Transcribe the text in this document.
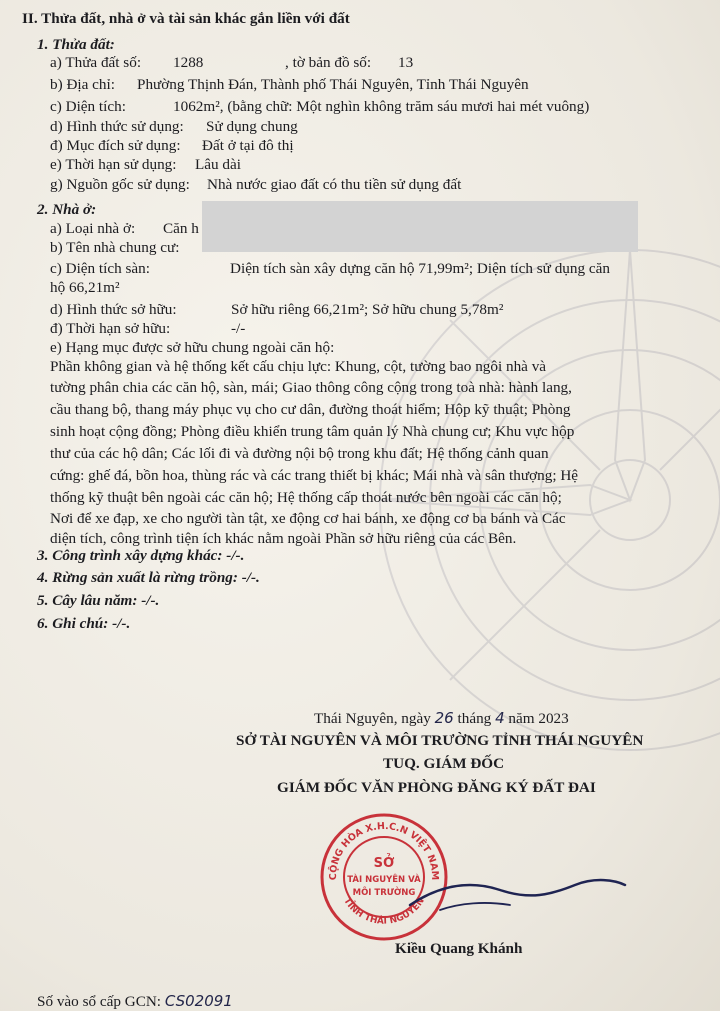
II. Thửa đất, nhà ở và tài sản khác gắn liền với đất
1. Thửa đất:
a) Thửa đất số: 1288	, tờ bản đồ số: 13
b) Địa chỉ: Phường Thịnh Đán, Thành phố Thái Nguyên, Tỉnh Thái Nguyên
c) Diện tích:	1062m², (bằng chữ: Một nghìn không trăm sáu mươi hai mét vuông)
d) Hình thức sử dụng: Sử dụng chung
đ) Mục đích sử dụng: Đất ở tại đô thị
e) Thời hạn sử dụng: Lâu dài
g) Nguồn gốc sử dụng: Nhà nước giao đất có thu tiền sử dụng đất
2. Nhà ở:
a) Loại nhà ở: Căn h
b) Tên nhà chung cư:
c) Diện tích sàn:	Diện tích sàn xây dựng căn hộ 71,99m²; Diện tích sử dụng căn
hộ 66,21m²
d) Hình thức sở hữu:	Sở hữu riêng 66,21m²; Sở hữu chung 5,78m²
đ) Thời hạn sở hữu:	-/-
e) Hạng mục được sở hữu chung ngoài căn hộ:
Phần không gian và hệ thống kết cấu chịu lực: Khung, cột, tường bao ngôi nhà và
tường phân chia các căn hộ, sàn, mái; Giao thông công cộng trong toà nhà: hành lang,
cầu thang bộ, thang máy phục vụ cho cư dân, đường thoát hiểm; Hộp kỹ thuật; Phòng
sinh hoạt cộng đồng; Phòng điều khiển trung tâm quản lý Nhà chung cư; Khu vực hộp
thư của các hộ dân; Các lối đi và đường nội bộ trong khu đất; Hệ thống cảnh quan
cứng: ghế đá, bồn hoa, thùng rác và các trang thiết bị khác; Mái nhà và sân thượng; Hệ
thống kỹ thuật bên ngoài các căn hộ; Hệ thống cấp thoát nước bên ngoài các căn hộ;
Nơi để xe đạp, xe cho người tàn tật, xe động cơ hai bánh, xe động cơ ba bánh và Các
diện tích, công trình tiện ích khác nằm ngoài Phần sở hữu riêng của các Bên.
3. Công trình xây dựng khác: -/-.
4. Rừng sản xuất là rừng trồng: -/-.
5. Cây lâu năm: -/-.
6. Ghi chú: -/-.
Thái Nguyên, ngày 26 tháng 4 năm 2023
SỞ TÀI NGUYÊN VÀ MÔI TRƯỜNG TỈNH THÁI NGUYÊN
TUQ. GIÁM ĐỐC
GIÁM ĐỐC VĂN PHÒNG ĐĂNG KÝ ĐẤT ĐAI
CỘNG HÒA X.H.C.N VIỆT NAM
TỈNH THÁI NGUYÊN
SỞ
TÀI NGUYÊN VÀ
MÔI TRƯỜNG
Kiều Quang Khánh
Số vào sổ cấp GCN: CS02091
